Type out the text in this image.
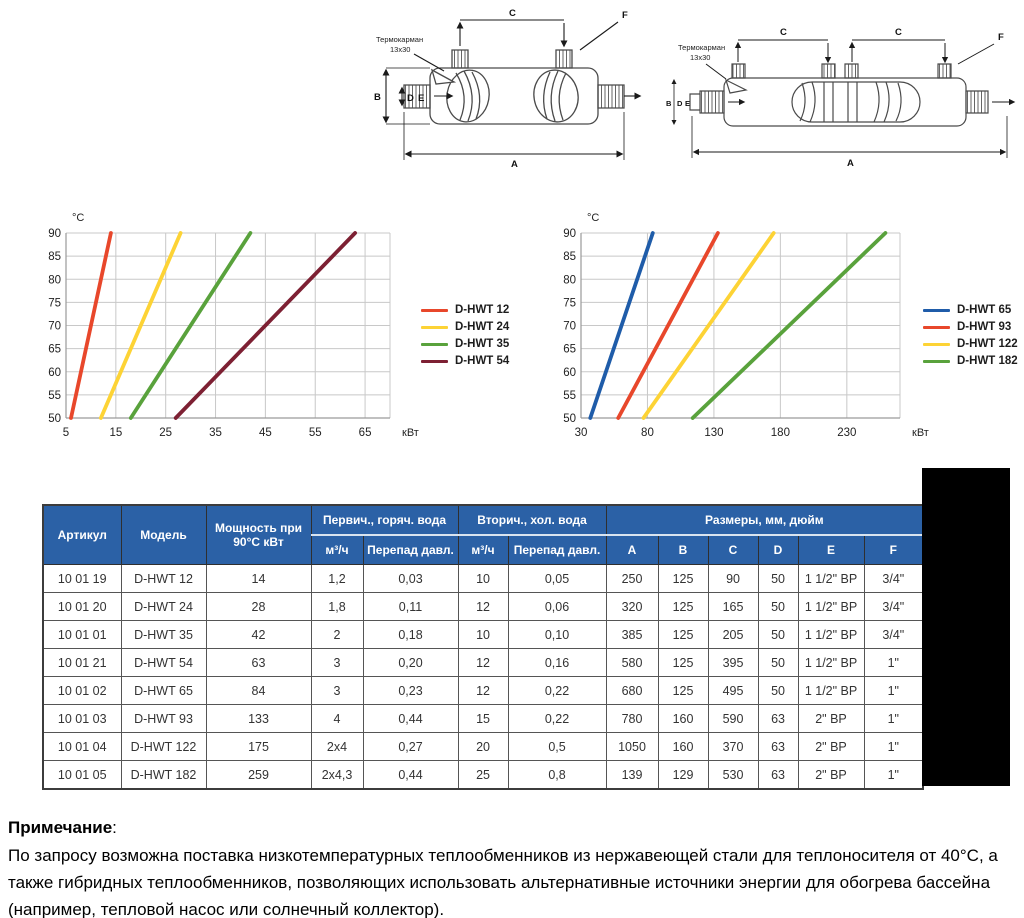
C	F
B	D E
A
Термокарман
13х30
C	C	F
B D E
A
Термокарман
13х30
50
55
60
65
70
75
80
85
90
5	15	25	35	45	55	65
°С
кВт
D-HWT 12
D-HWT 24
D-HWT 35
D-HWT 54
50
55
60
65
70
75
80
85
90
30	80	130	180	230
°С
кВт
D-HWT 65
D-HWT 93
D-HWT 122
D-HWT 182
Артикул	Модель	Мощность при 90°С кВт	Первич., горяч. вода		Вторич., хол. вода		Размеры, мм, дюйм					
			м³/ч	Перепад давл.	м³/ч	Перепад давл.	A	B	C	D	E	F
10 01 19	D-HWT 12	14	1,2	0,03	10	0,05	250	125	90	50	1 1/2" ВР	3/4"
10 01 20	D-HWT 24	28	1,8	0,11	12	0,06	320	125	165	50	1 1/2" ВР	3/4"
10 01 01	D-HWT 35	42	2	0,18	10	0,10	385	125	205	50	1 1/2" ВР	3/4"
10 01 21	D-HWT 54	63	3	0,20	12	0,16	580	125	395	50	1 1/2" ВР	1"
10 01 02	D-HWT 65	84	3	0,23	12	0,22	680	125	495	50	1 1/2" ВР	1"
10 01 03	D-HWT 93	133	4	0,44	15	0,22	780	160	590	63	2" ВР	1"
10 01 04	D-HWT 122	175	2x4	0,27	20	0,5	1050	160	370	63	2" ВР	1"
10 01 05	D-HWT 182	259	2x4,3	0,44	25	0,8	139	129	530	63	2" ВР	1"
Примечание:
По запросу возможна поставка низкотемпературных теплообменников из нержавеющей стали для теплоносителя от 40°С, а также гибридных теплообменников, позволяющих использовать альтернативные источники энергии для обогрева бассейна (например, тепловой насос или солнечный коллектор).
